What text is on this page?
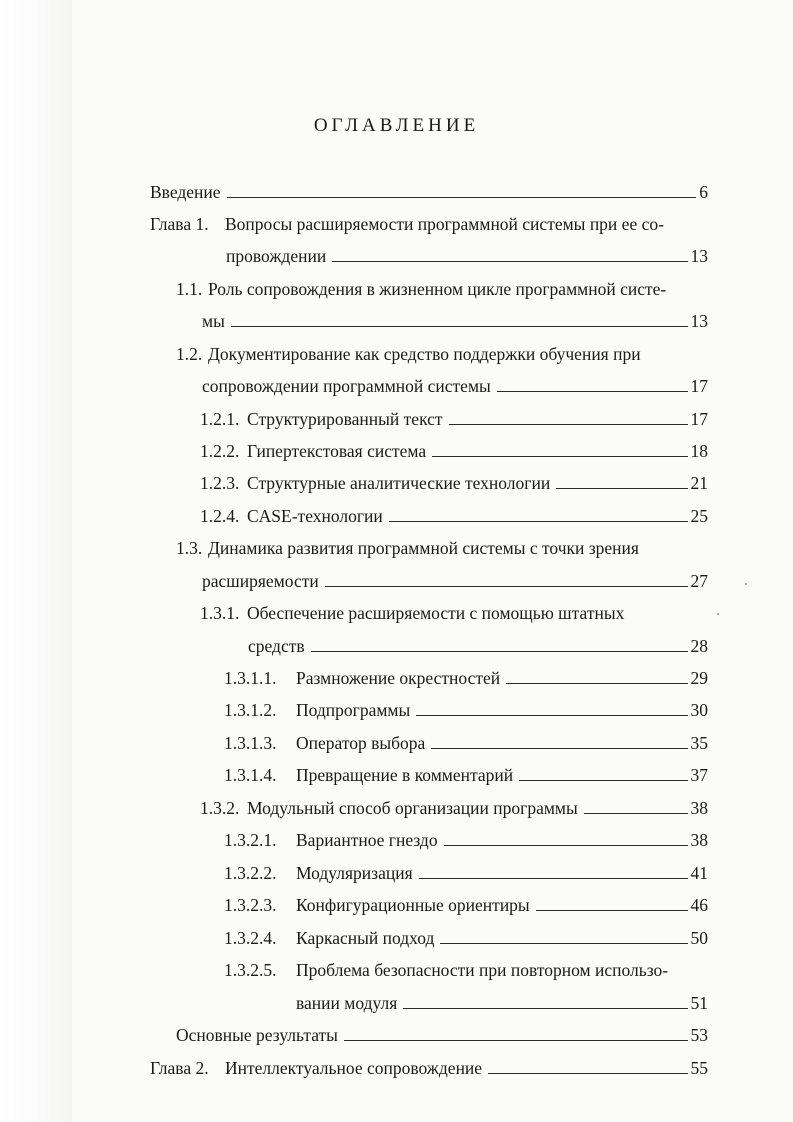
ОГЛАВЛЕНИЕ
Введение	6
Глава 1. Вопросы расширяемости программной системы при ее со-
провождении	13
1.1. Роль сопровождения в жизненном цикле программной систе-
мы	13
1.2. Документирование как средство поддержки обучения при
сопровождении программной системы	17
1.2.1. Структурированный текст	17
1.2.2. Гипертекстовая система	18
1.2.3. Структурные аналитические технологии	21
1.2.4. CASE-технологии	25
1.3. Динамика развития программной системы с точки зрения
расширяемости	27
1.3.1. Обеспечение расширяемости с помощью штатных
средств	28
1.3.1.1.	Размножение окрестностей	29
1.3.1.2.	Подпрограммы	30
1.3.1.3.	Оператор выбора	35
1.3.1.4.	Превращение в комментарий	37
1.3.2. Модульный способ организации программы	38
1.3.2.1.	Вариантное гнездо	38
1.3.2.2.	Модуляризация	41
1.3.2.3.	Конфигурационные ориентиры	46
1.3.2.4.	Каркасный подход	50
1.3.2.5.	Проблема безопасности при повторном использо-
вании модуля	51
Основные результаты	53
Глава 2. Интеллектуальное сопровождение	55
